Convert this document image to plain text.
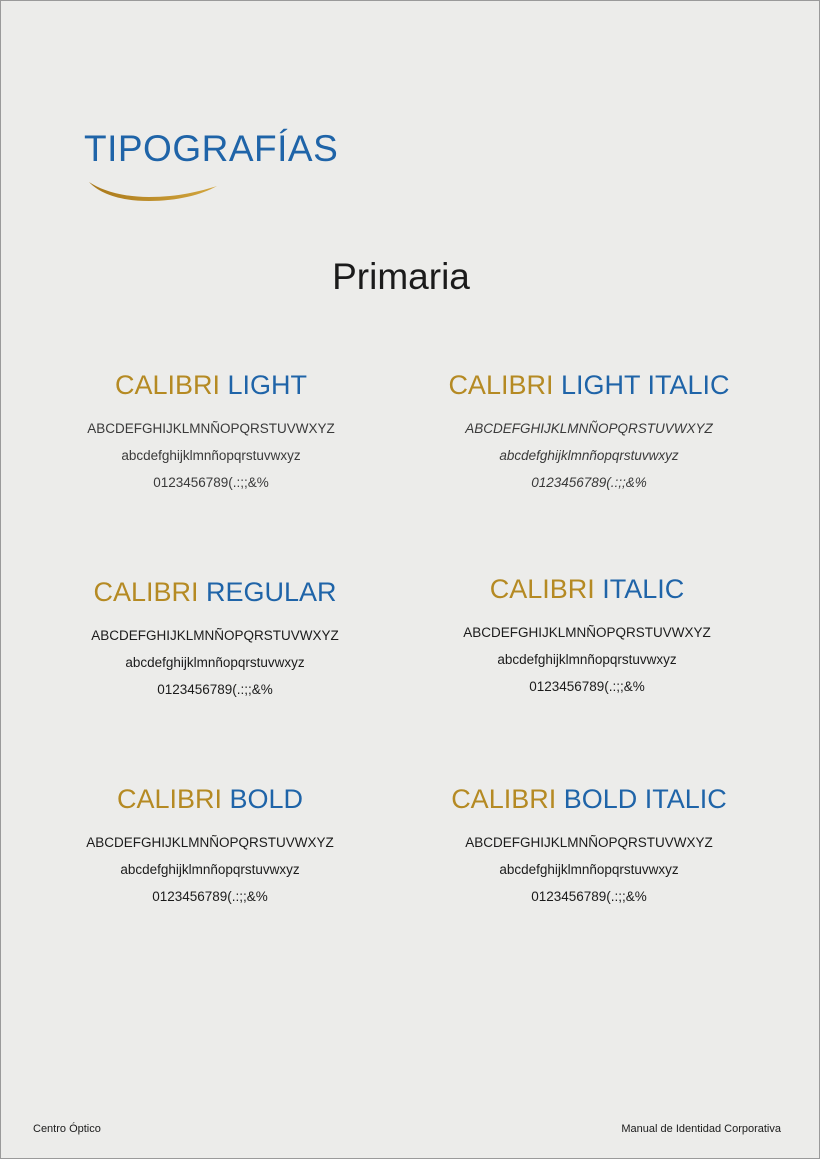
TIPOGRAFÍAS
Primaria

CALIBRI LIGHT

ABCDEFGHIJKLMNÑOPQRSTUVWXYZ

abcdefghijklmnñopqrstuvwxyz

0123456789(.:;;&%

CALIBRI LIGHT ITALIC

ABCDEFGHIJKLMNÑOPQRSTUVWXYZ

abcdefghijklmnñopqrstuvwxyz

0123456789(.:;;&%

CALIBRI REGULAR

ABCDEFGHIJKLMNÑOPQRSTUVWXYZ

abcdefghijklmnñopqrstuvwxyz

0123456789(.:;;&%

CALIBRI ITALIC

ABCDEFGHIJKLMNÑOPQRSTUVWXYZ

abcdefghijklmnñopqrstuvwxyz

0123456789(.:;;&%

CALIBRI BOLD

ABCDEFGHIJKLMNÑOPQRSTUVWXYZ

abcdefghijklmnñopqrstuvwxyz

0123456789(.:;;&%

CALIBRI BOLD ITALIC

ABCDEFGHIJKLMNÑOPQRSTUVWXYZ

abcdefghijklmnñopqrstuvwxyz

0123456789(.:;;&%

Centro Óptico	Manual de Identidad Corporativa
